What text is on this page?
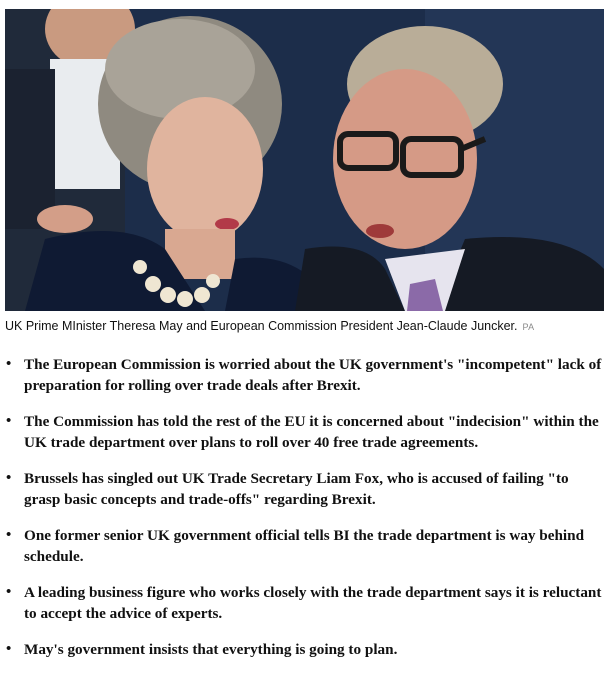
UK Prime MInister Theresa May and European Commission President Jean-Claude Juncker. PA
• The European Commission is worried about the UK government's "incompetent" lack of preparation for rolling over trade deals after Brexit.
• The Commission has told the rest of the EU it is concerned about "indecision" within the UK trade department over plans to roll over 40 free trade agreements.
• Brussels has singled out UK Trade Secretary Liam Fox, who is accused of failing "to grasp basic concepts and trade-offs" regarding Brexit.
• One former senior UK government official tells BI the trade department is way behind schedule.
• A leading business figure who works closely with the trade department says it is reluctant to accept the advice of experts.
• May's government insists that everything is going to plan.
